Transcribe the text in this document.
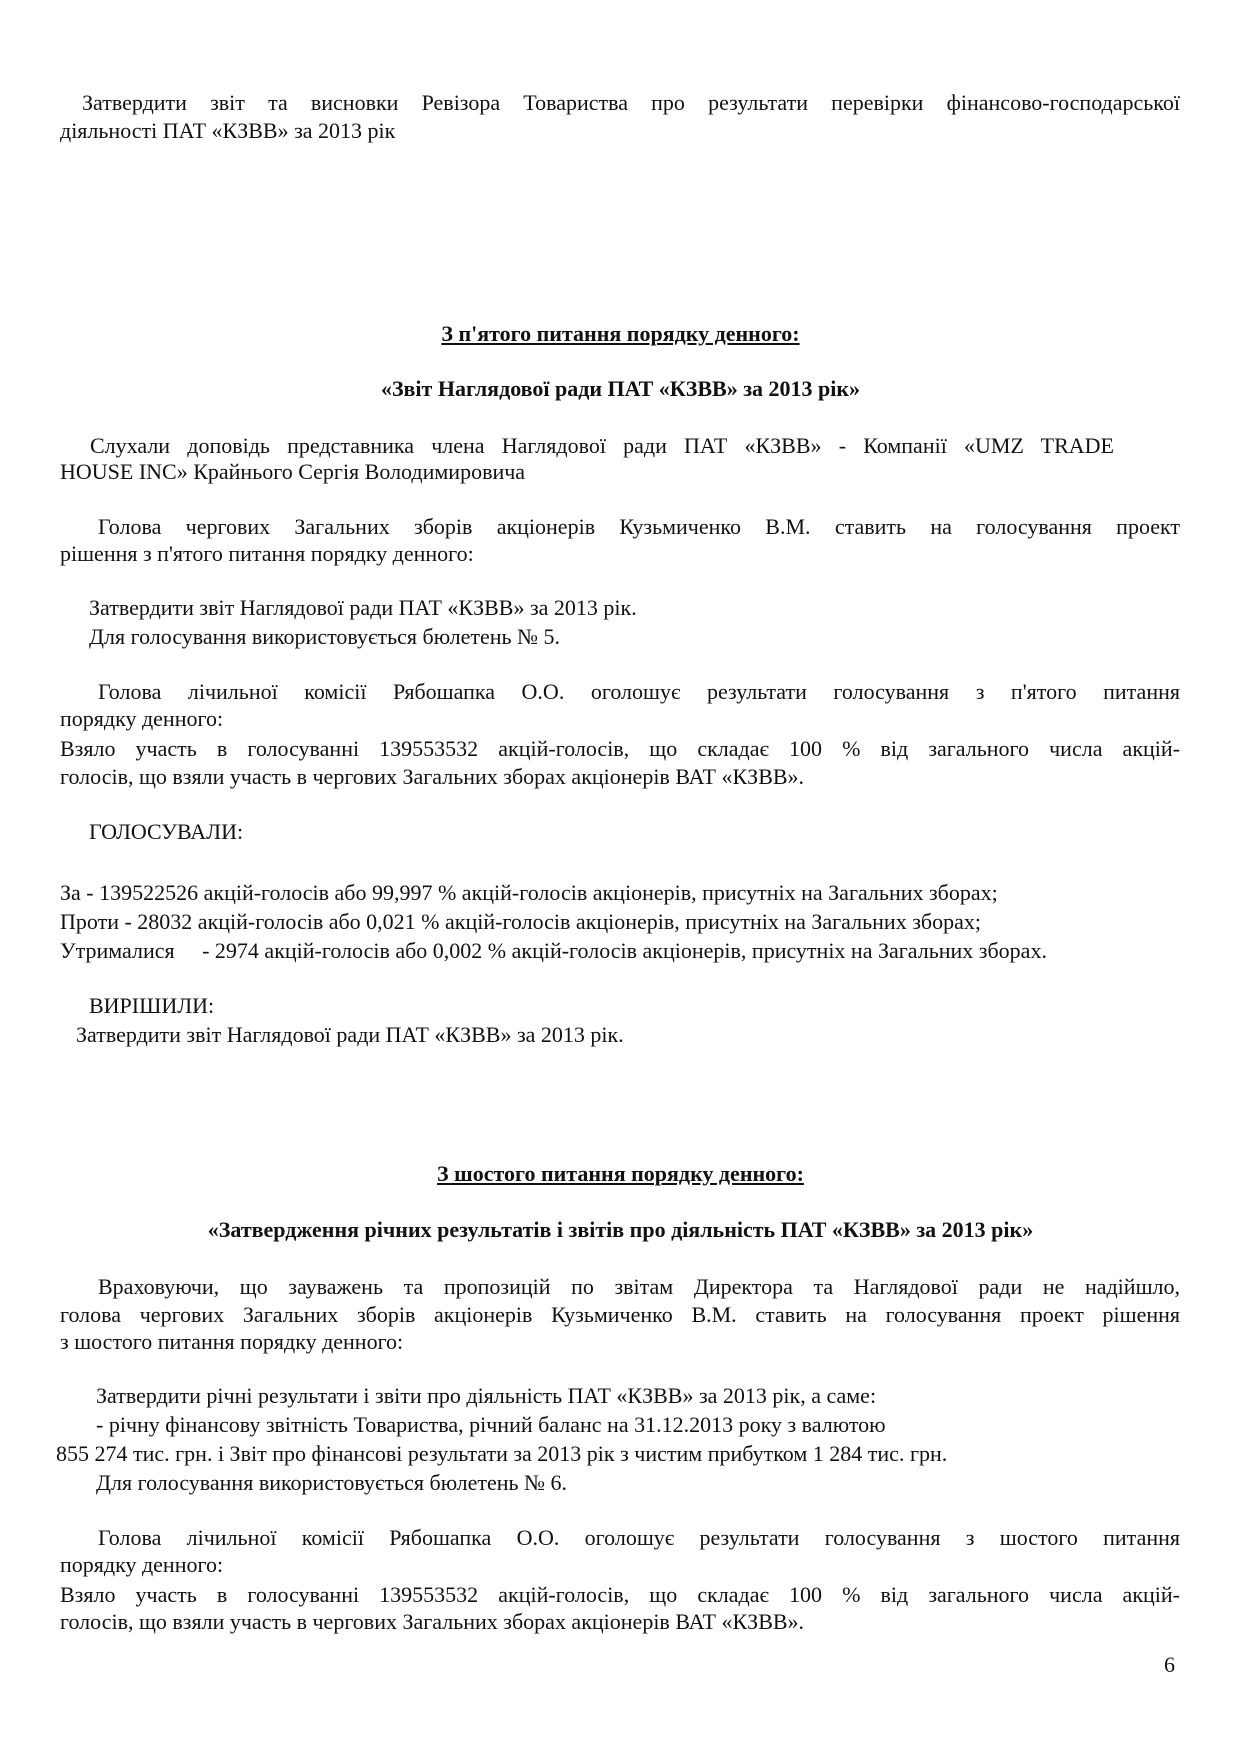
Затвердити звіт та висновки Ревізора Товариства про результати перевірки фінансово-господарської
діяльності ПАТ «КЗВВ» за 2013 рік
З п'ятого питання порядку денного:
«Звіт Наглядової ради ПАТ «КЗВВ» за 2013 рік»
Слухали доповідь представника члена Наглядової ради ПАТ «КЗВВ» - Компанії «UMZ TRADE
HOUSE INC» Крайнього Сергія Володимировича
Голова чергових Загальних зборів акціонерів Кузьмиченко В.М. ставить на голосування проект
рішення з п'ятого питання порядку денного:
Затвердити звіт Наглядової ради ПАТ «КЗВВ» за 2013 рік.
Для голосування використовується бюлетень № 5.
Голова лічильної комісії Рябошапка О.О. оголошує результати голосування з п'ятого питання
порядку денного:
Взяло участь в голосуванні 139553532 акцій-голосів, що складає 100 % від загального числа акцій-
голосів, що взяли участь в чергових Загальних зборах акціонерів ВАТ «КЗВВ».
ГОЛОСУВАЛИ:
За - 139522526 акцій-голосів або 99,997 % акцій-голосів акціонерів, присутніх на Загальних зборах;
Проти - 28032 акцій-голосів або 0,021 % акцій-голосів акціонерів, присутніх на Загальних зборах;
Утрималися     - 2974 акцій-голосів або 0,002 % акцій-голосів акціонерів, присутніх на Загальних зборах.
ВИРІШИЛИ:
Затвердити звіт Наглядової ради ПАТ «КЗВВ» за 2013 рік.
З шостого питання порядку денного:
«Затвердження річних результатів і звітів про діяльність ПАТ «КЗВВ» за 2013 рік»
Враховуючи, що зауважень та пропозицій по звітам Директора та Наглядової ради не надійшло,
голова чергових Загальних зборів акціонерів Кузьмиченко В.М. ставить на голосування проект рішення
з шостого питання порядку денного:
Затвердити річні результати і звіти про діяльність ПАТ «КЗВВ» за 2013 рік, а саме:
- річну фінансову звітність Товариства, річний баланс на 31.12.2013 року з валютою
855 274 тис. грн. і Звіт про фінансові результати за 2013 рік з чистим прибутком 1 284 тис. грн.
Для голосування використовується бюлетень № 6.
Голова лічильної комісії Рябошапка О.О. оголошує результати голосування з шостого питання
порядку денного:
Взяло участь в голосуванні 139553532 акцій-голосів, що складає 100 % від загального числа акцій-
голосів, що взяли участь в чергових Загальних зборах акціонерів ВАТ «КЗВВ».
6
